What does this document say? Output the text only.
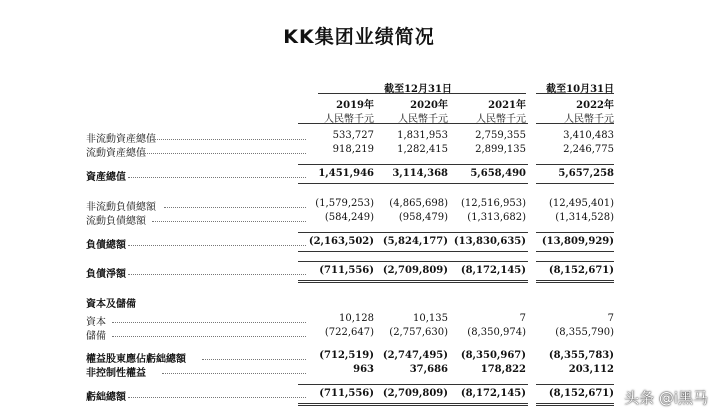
KK集团业绩简况
截至12月31日	截至10月31日
2019年	2020年	2021年	2022年
人民幣千元	人民幣千元	人民幣千元	人民幣千元
資本及儲備
非流動資產總值	533,727	1,831,953	2,759,355	3,410,483
流動資產總值	918,219	1,282,415	2,899,135	2,246,775
資產總值	1,451,946	3,114,368	5,658,490	5,657,258
非流動負債總額	(1,579,253)	(4,865,698)	(12,516,953)	(12,495,401)
流動負債總額	(584,249)	(958,479)	(1,313,682)	(1,314,528)
負債總額	(2,163,502) (5,824,177) (13,830,635)	(13,809,929)
負債淨額	(711,556) (2,709,809)	(8,172,145)	(8,152,671)
資本	10,128	10,135	7	7
儲備	(722,647)	(2,757,630)	(8,350,974)	(8,355,790)
權益股東應佔虧絀總額	(712,519) (2,747,495)	(8,350,967)	(8,355,783)
非控制性權益	963	37,686	178,822	203,112
虧絀總額	(711,556) (2,709,809)	(8,172,145)	(8,152,671) 头条 @i黑马
